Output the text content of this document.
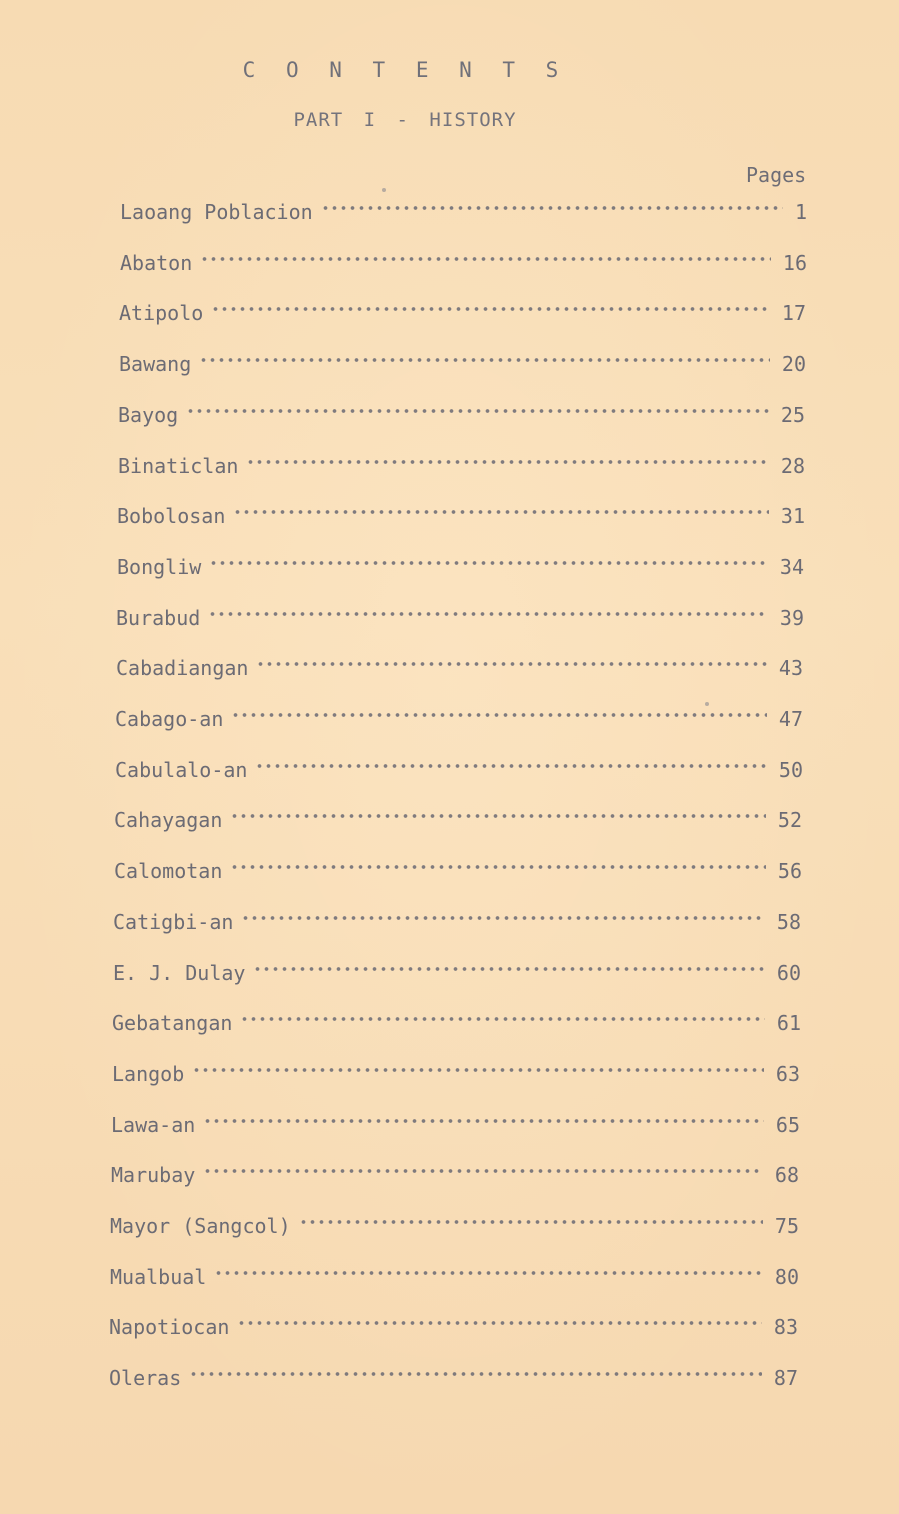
C O N T E N T S
PART I - HISTORY
Pages
Laoang Poblacion	1
Abaton	16
Atipolo	17
Bawang	20
Bayog	25
Binaticlan	28
Bobolosan	31
Bongliw	34
Burabud	39
Cabadiangan	43
Cabago-an	47
Cabulalo-an	50
Cahayagan	52
Calomotan	56
Catigbi-an	58
E. J. Dulay	60
Gebatangan	61
Langob	63
Lawa-an	65
Marubay	68
Mayor (Sangcol)	75
Mualbual	80
Napotiocan	83
Oleras	87
